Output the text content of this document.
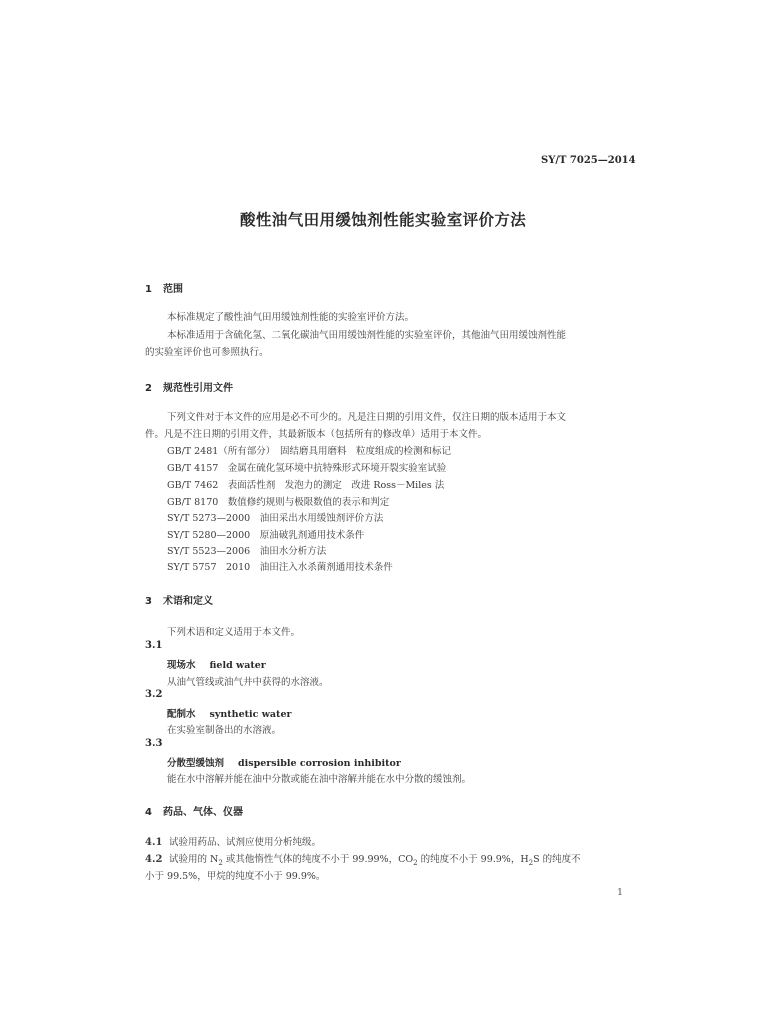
SY/T 7025—2014
酸性油气田用缓蚀剂性能实验室评价方法
1 范围
本标准规定了酸性油气田用缓蚀剂性能的实验室评价方法。
本标准适用于含硫化氢、二氧化碳油气田用缓蚀剂性能的实验室评价，其他油气田用缓蚀剂性能
的实验室评价也可参照执行。
2 规范性引用文件
下列文件对于本文件的应用是必不可少的。凡是注日期的引用文件，仅注日期的版本适用于本文
件。凡是不注日期的引用文件，其最新版本（包括所有的修改单）适用于本文件。
GB/T 2481（所有部分）　固结磨具用磨料　粒度组成的检测和标记
GB/T 4157　金属在硫化氢环境中抗特殊形式环境开裂实验室试验
GB/T 7462　表面活性剂　发泡力的测定　改进 Ross－Miles 法
GB/T 8170　数值修约规则与极限数值的表示和判定
SY/T 5273—2000　油田采出水用缓蚀剂评价方法
SY/T 5280—2000　原油破乳剂通用技术条件
SY/T 5523—2006　油田水分析方法
SY/T 5757　2010　油田注入水杀菌剂通用技术条件
3 术语和定义
下列术语和定义适用于本文件。
3.1
现场水 field water
从油气管线或油气井中获得的水溶液。
3.2
配制水 synthetic water
在实验室制备出的水溶液。
3.3
分散型缓蚀剂 dispersible corrosion inhibitor
能在水中溶解并能在油中分散或能在油中溶解并能在水中分散的缓蚀剂。
4 药品、气体、仪器
4.1 试验用药品、试剂应使用分析纯级。
4.2 试验用的 $N_2$ 或其他惰性气体的纯度不小于 99.99%，$CO_2$ 的纯度不小于 99.9%，$H_2S$ 的纯度不
小于 99.5%，甲烷的纯度不小于 99.9%。
1
